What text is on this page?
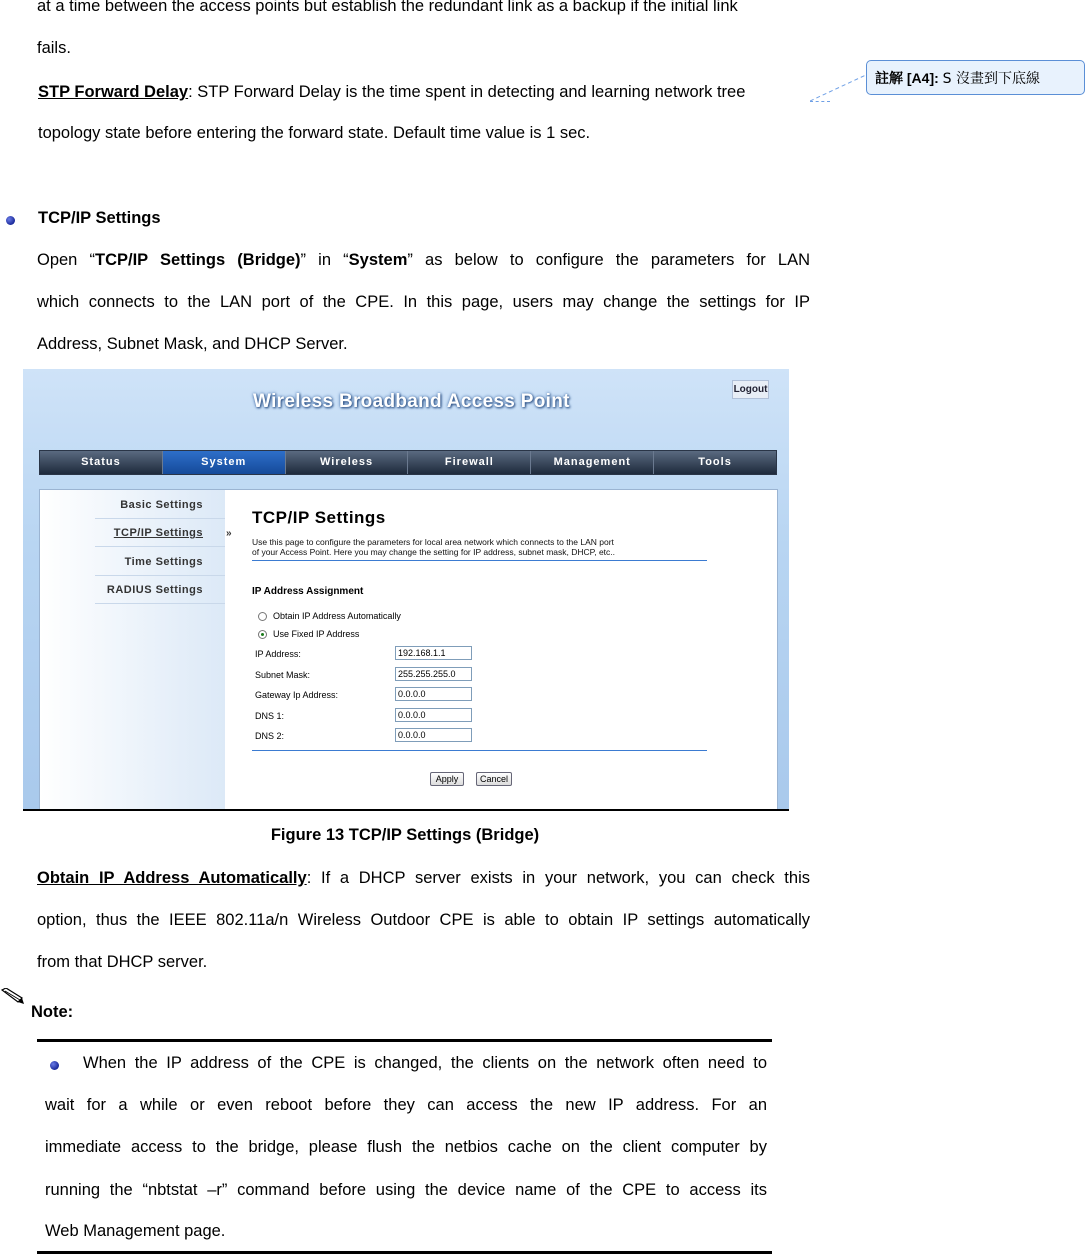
at a time between the access points but establish the redundant link as a backup if the initial link
fails.
STP Forward Delay: STP Forward Delay is the time spent in detecting and learning network tree
topology state before entering the forward state. Default time value is 1 sec.
註解 [A4]: S 沒畫到下底線
TCP/IP Settings
Open “TCP/IP Settings (Bridge)” in “System” as below to configure the parameters for LAN
which connects to the LAN port of the CPE. In this page, users may change the settings for IP
Address, Subnet Mask, and DHCP Server.
Wireless Broadband Access Point
Logout
Status	System	Wireless	Firewall	Management	Tools
Basic Settings
TCP/IP Settings »
Time Settings
RADIUS Settings
TCP/IP Settings
Use this page to configure the parameters for local area network which connects to the LAN port
of your Access Point. Here you may change the setting for IP address, subnet mask, DHCP, etc..
IP Address Assignment
Obtain IP Address Automatically
Use Fixed IP Address
IP Address:
192.168.1.1
Subnet Mask:
255.255.255.0
Gateway Ip Address:
0.0.0.0
DNS 1:
0.0.0.0
DNS 2:
0.0.0.0
Apply	Cancel
Figure 13 TCP/IP Settings (Bridge)
Obtain IP Address Automatically: If a DHCP server exists in your network, you can check this
option, thus the IEEE 802.11a/n Wireless Outdoor CPE is able to obtain IP settings automatically
from that DHCP server.
Note:
When the IP address of the CPE is changed, the clients on the network often need to
wait for a while or even reboot before they can access the new IP address. For an
immediate access to the bridge, please flush the netbios cache on the client computer by
running the “nbtstat –r” command before using the device name of the CPE to access its
Web Management page.
